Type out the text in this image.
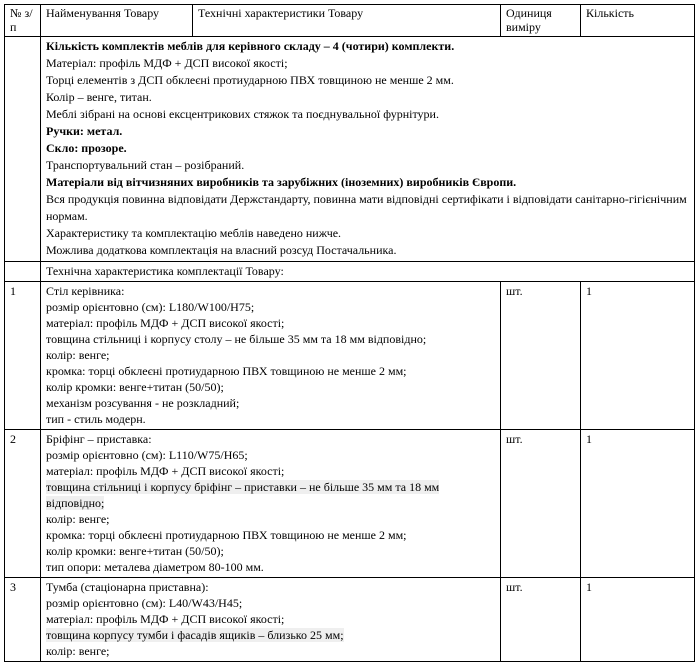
№ з/п	Найменування Товару	Технічні характеристики Товару	Одиниця виміру	Кількість

Кількість комплектів меблів для керівного складу – 4 (чотири) комплекти.
Матеріал: профіль МДФ + ДСП високої якості;
Торці елементів з ДСП обклеєні протиударною ПВХ товщиною не менше 2 мм.
Колір – венге, титан.
Меблі зібрані на основі ексцентрикових стяжок та поєднувальної фурнітури.
Ручки: метал.
Скло: прозоре.
Транспортувальний стан – розібраний.
Матеріали від вітчизняних виробників та зарубіжних (іноземних) виробників Європи.
Вся продукція повинна відповідати Держстандарту, повинна мати відповідні сертифікати і відповідати санітарно-гігієнічним нормам.
Характеристику та комплектацію меблів наведено нижче.
Можлива додаткова комплектація на власний розсуд Постачальника.

	Технічна характеристика комплектації Товару:			
1	Стіл керівника:
розмір орієнтовно (см): L180/W100/H75;
матеріал: профіль МДФ + ДСП високої якості;
товщина стільниці і корпусу столу – не більше 35 мм та 18 мм відповідно;
колір: венге;
кромка: торці обклеєні протиударною ПВХ товщиною не менше 2 мм;
колір кромки: венге+титан (50/50);
механізм розсування - не розкладний;
тип - стиль модерн.
	шт.	1
2	Бріфінг – приставка:
розмір орієнтовно (см): L110/W75/H65;
матеріал: профіль МДФ + ДСП високої якості;
товщина стільниці і корпусу бріфінг – приставки – не більше 35 мм та 18 мм відповідно;
колір: венге;
кромка: торці обклеєні протиударною ПВХ товщиною не менше 2 мм;
колір кромки: венге+титан (50/50);
тип опори: металева діаметром 80-100 мм.
	шт.	1
3	Тумба (стаціонарна приставна):
розмір орієнтовно (см): L40/W43/H45;
матеріал: профіль МДФ + ДСП високої якості;
товщина корпусу тумби і фасадів ящиків – близько 25 мм;
колір: венге;		шт.	1
